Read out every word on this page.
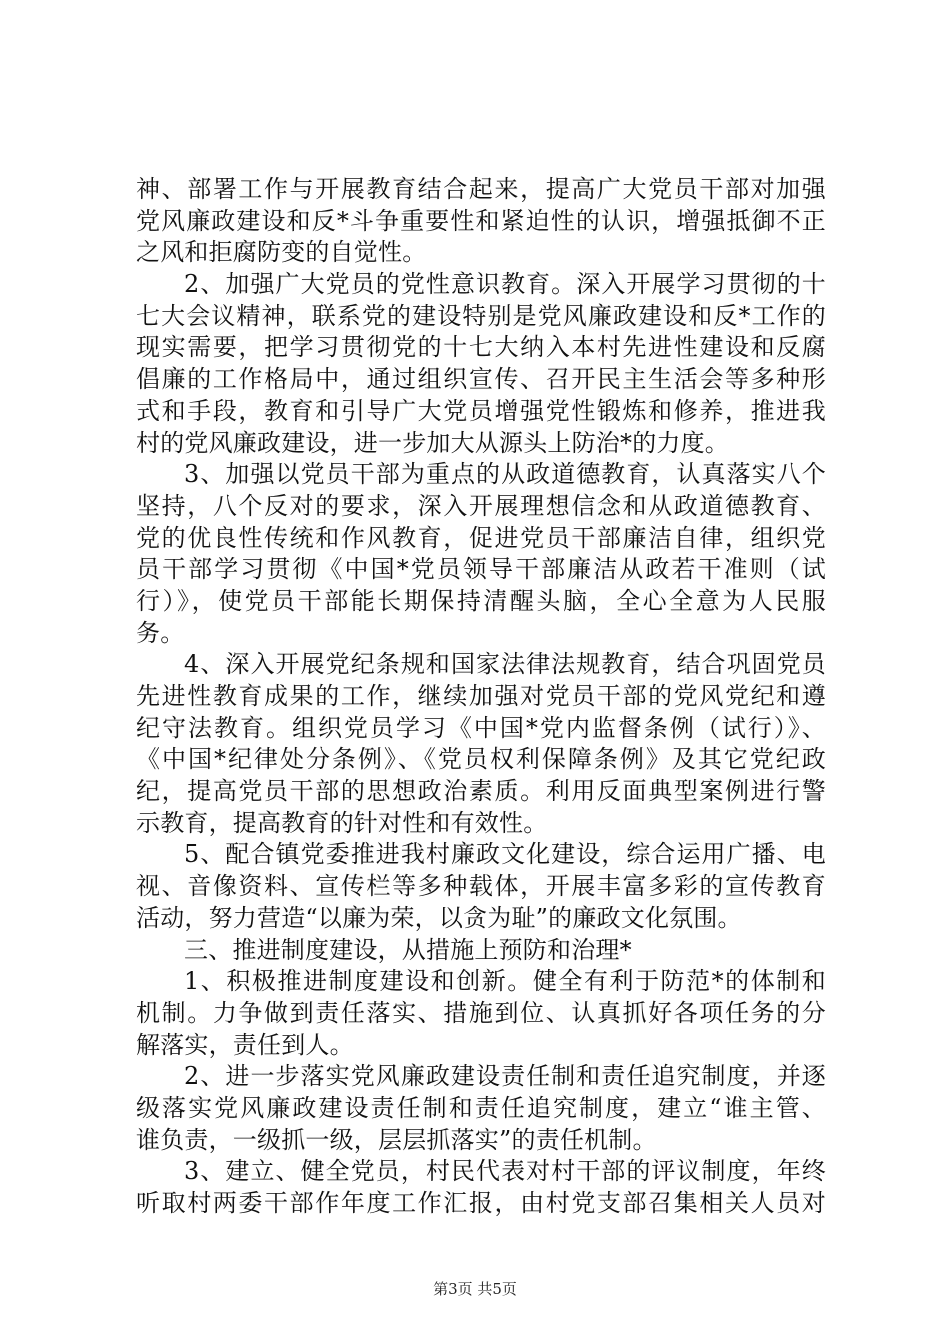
神、部署工作与开展教育结合起来，提高广大党员干部对加强
党风廉政建设和反*斗争重要性和紧迫性的认识，增强抵御不正
之风和拒腐防变的自觉性。
2、加强广大党员的党性意识教育。深入开展学习贯彻的十
七大会议精神，联系党的建设特别是党风廉政建设和反*工作的
现实需要，把学习贯彻党的十七大纳入本村先进性建设和反腐
倡廉的工作格局中，通过组织宣传、召开民主生活会等多种形
式和手段，教育和引导广大党员增强党性锻炼和修养，推进我
村的党风廉政建设，进一步加大从源头上防治*的力度。
3、加强以党员干部为重点的从政道德教育，认真落实八个
坚持，八个反对的要求，深入开展理想信念和从政道德教育、
党的优良性传统和作风教育，促进党员干部廉洁自律，组织党
员干部学习贯彻《中国*党员领导干部廉洁从政若干准则（试
行）》，使党员干部能长期保持清醒头脑，全心全意为人民服
务。
4、深入开展党纪条规和国家法律法规教育，结合巩固党员
先进性教育成果的工作，继续加强对党员干部的党风党纪和遵
纪守法教育。组织党员学习《中国*党内监督条例（试行）》、
《中国*纪律处分条例》、《党员权利保障条例》及其它党纪政
纪，提高党员干部的思想政治素质。利用反面典型案例进行警
示教育，提高教育的针对性和有效性。
5、配合镇党委推进我村廉政文化建设，综合运用广播、电
视、音像资料、宣传栏等多种载体，开展丰富多彩的宣传教育
活动，努力营造“以廉为荣，以贪为耻”的廉政文化氛围。
三、推进制度建设，从措施上预防和治理*
1、积极推进制度建设和创新。健全有利于防范*的体制和
机制。力争做到责任落实、措施到位、认真抓好各项任务的分
解落实，责任到人。
2、进一步落实党风廉政建设责任制和责任追究制度，并逐
级落实党风廉政建设责任制和责任追究制度，建立“谁主管、
谁负责，一级抓一级，层层抓落实”的责任机制。
3、建立、健全党员，村民代表对村干部的评议制度，年终
听取村两委干部作年度工作汇报，由村党支部召集相关人员对
第3页 共5页
